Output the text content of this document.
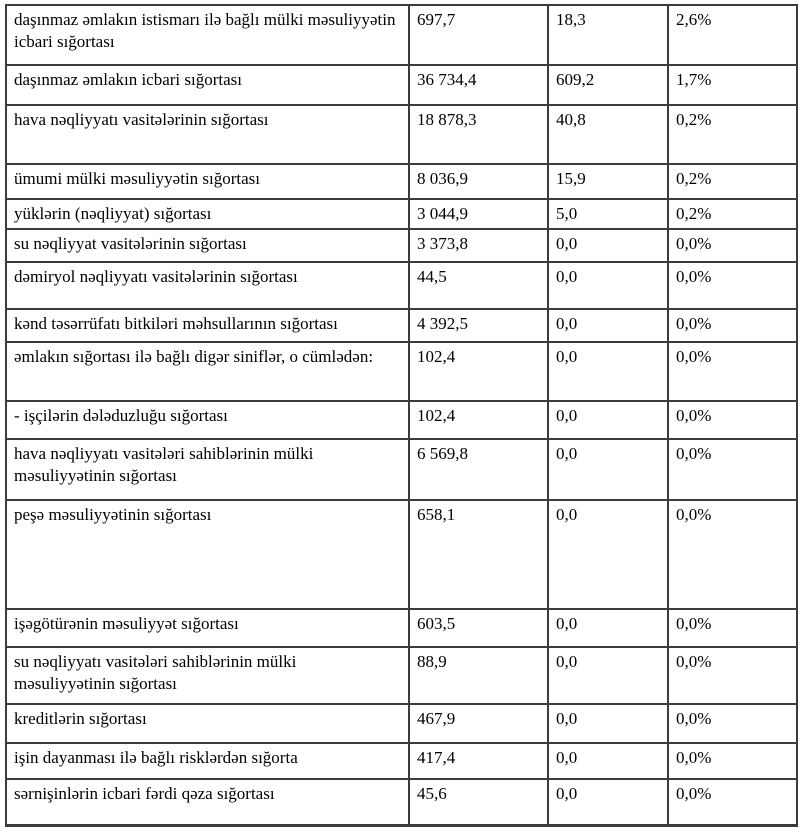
daşınmaz əmlakın istismarı ilə bağlı mülki məsuliyyətin icbari sığortası	697,7	18,3	2,6%
daşınmaz əmlakın icbari sığortası	36 734,4	609,2	1,7%
hava nəqliyyatı vasitələrinin sığortası	18 878,3	40,8	0,2%
ümumi mülki məsuliyyətin sığortası	8 036,9	15,9	0,2%
yüklərin (nəqliyyat) sığortası	3 044,9	5,0	0,2%
su nəqliyyat vasitələrinin sığortası	3 373,8	0,0	0,0%
dəmiryol nəqliyyatı vasitələrinin sığortası	44,5	0,0	0,0%
kənd təsərrüfatı bitkiləri məhsullarının sığortası	4 392,5	0,0	0,0%
əmlakın sığortası ilə bağlı digər siniflər, o cümlədən:	102,4	0,0	0,0%
- işçilərin dələduzluğu sığortası	102,4	0,0	0,0%
hava nəqliyyatı vasitələri sahiblərinin mülki məsuliyyətinin sığortası	6 569,8	0,0	0,0%
peşə məsuliyyətinin sığortası	658,1	0,0	0,0%
işəgötürənin məsuliyyət sığortası	603,5	0,0	0,0%
su nəqliyyatı vasitələri sahiblərinin mülki məsuliyyətinin sığortası	88,9	0,0	0,0%
kreditlərin sığortası	467,9	0,0	0,0%
işin dayanması ilə bağlı risklərdən sığorta	417,4	0,0	0,0%
sərnişinlərin icbari fərdi qəza sığortası	45,6	0,0	0,0%
